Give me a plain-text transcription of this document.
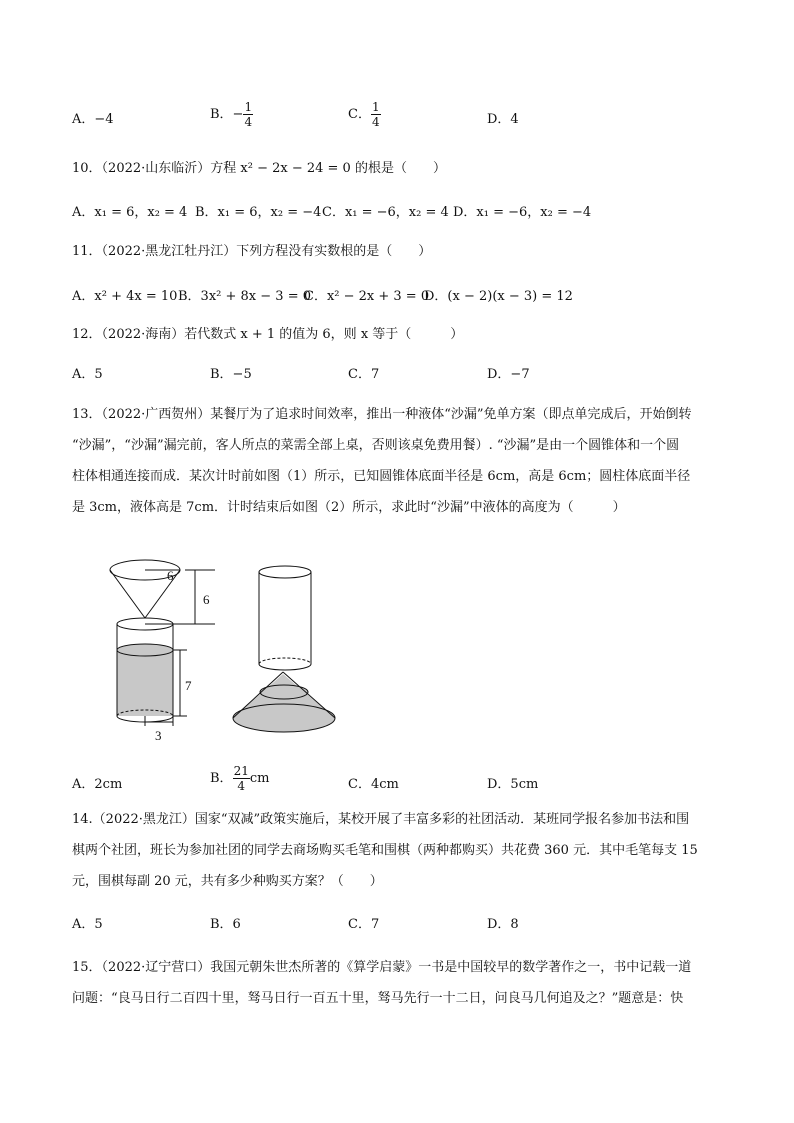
A．−4	B．− $\frac{1}{4}$	C． $\frac{1}{4}$	D．4
10．（2022·山东临沂）方程 x² − 2x − 24 = 0 的根是（　　）
A．x₁ = 6，x₂ = 4 B．x₁ = 6，x₂ = −4 C．x₁ = −6，x₂ = 4 D．x₁ = −6，x₂ = −4
11．（2022·黑龙江牡丹江）下列方程没有实数根的是（　　）
A．x² + 4x = 10 B．3x² + 8x − 3 = 0
C．x² − 2x + 3 = 0
D．(x − 2)(x − 3) = 12
12．（2022·海南）若代数式 x + 1 的值为 6，则 x 等于（　　　）
A．5	B．−5	C．7	D．−7
13．（2022·广西贺州）某餐厅为了追求时间效率，推出一种液体“沙漏”免单方案（即点单完成后，开始倒转
“沙漏”，“沙漏”漏完前，客人所点的菜需全部上桌，否则该桌免费用餐）. “沙漏”是由一个圆锥体和一个圆
柱体相通连接而成．某次计时前如图（1）所示，已知圆锥体底面半径是 6cm，高是 6cm；圆柱体底面半径
是 3cm，液体高是 7cm．计时结束后如图（2）所示，求此时“沙漏”中液体的高度为（　　　）
6
6
7
3
A．2cm	B． $\frac{21}{4}$ cm	C．4cm	D．5cm
14.（2022·黑龙江）国家“双减”政策实施后，某校开展了丰富多彩的社团活动．某班同学报名参加书法和围
棋两个社团，班长为参加社团的同学去商场购买毛笔和围棋（两种都购买）共花费 360 元．其中毛笔每支 15
元，围棋每副 20 元，共有多少种购买方案？（　　）
A．5	B．6	C．7	D．8
15．（2022·辽宁营口）我国元朝朱世杰所著的《算学启蒙》一书是中国较早的数学著作之一，书中记载一道
问题：“良马日行二百四十里，驽马日行一百五十里，驽马先行一十二日，问良马几何追及之？”题意是：快
